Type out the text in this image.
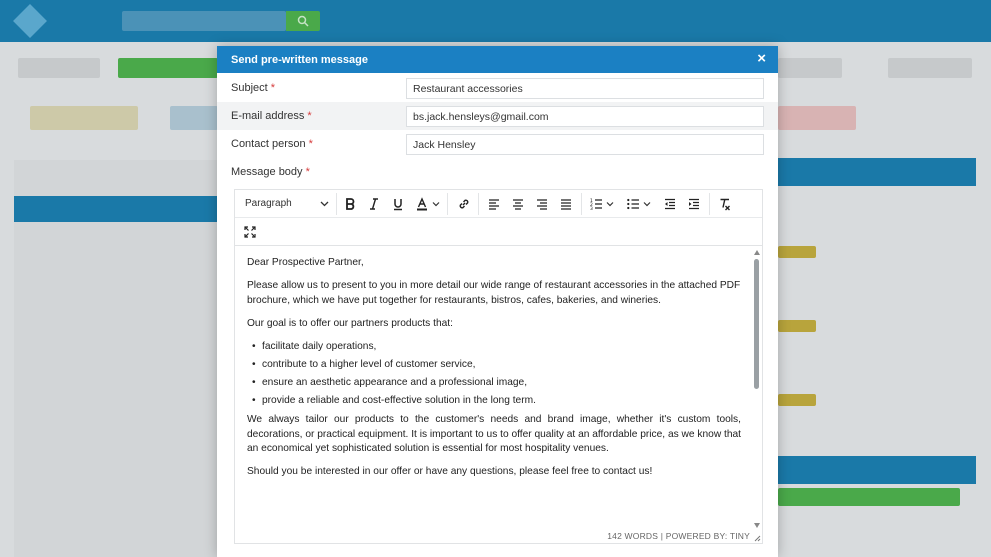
Send pre-written message	×
Subject *
Restaurant accessories
E-mail address *
bs.jack.hensleys@gmail.com
Contact person *
Jack Hensley
Message body *
Paragraph	1
2
3

Dear Prospective Partner,

Please allow us to present to you in more detail our wide range of restaurant accessories in the attached PDF brochure, which we have put together for restaurants, bistros, cafes, bakeries, and wineries.

Our goal is to offer our partners products that:

• facilitate daily operations,
• contribute to a higher level of customer service,
• ensure an aesthetic appearance and a professional image,
• provide a reliable and cost-effective solution in the long term.

We always tailor our products to the customer's needs and brand image, whether it's custom tools, decorations, or practical equipment. It is important to us to offer quality at an affordable price, as we know that an economical yet sophisticated solution is essential for most hospitality venues.

Should you be interested in our offer or have any questions, please feel free to contact us!

142 WORDS | POWERED BY: TINY
